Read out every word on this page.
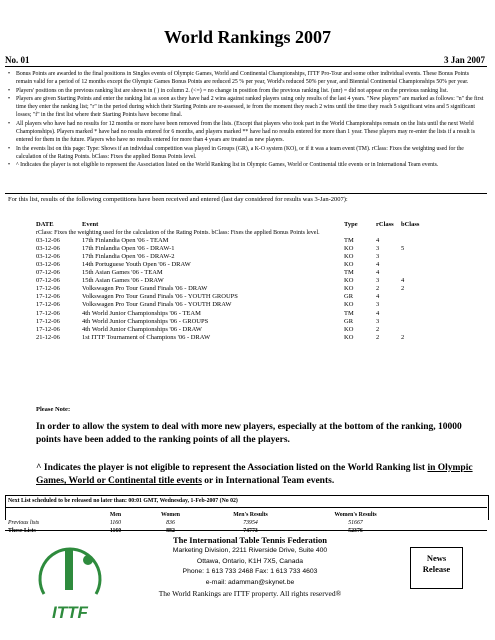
World Rankings 2007
No. 01	3 Jan 2007
• Bonus Points are awarded to the final positions in Singles events of Olympic Games, World and Continental Championships, ITTF Pro-Tour and some other individual events. These Bonus Points remain valid for a period of 12 months except the Olympic Games Bonus Points are reduced 25 % per year, World's reduced 50% per year, and Biennial Continental Championships 50% per year.
• Players' positions on the previous ranking list are shown in ( ) in column 2. (<=) = no change in position from the previous ranking list. (unr) = did not appear on the previous ranking list.
• Players are given Starting Points and enter the ranking list as soon as they have had 2 wins against ranked players using only results of the last 4 years. "New players" are marked as follows: "n" the first time they enter the ranking list; "r" in the period during which their Starting Points are re-assessed, ie from the moment they reach 2 wins until the time they reach 5 significant wins and 5 significant losses; "f" in the first list where their Starting Points have become final.
• All players who have had no results for 12 months or more have been removed from the lists. (Except that players who took part in the World Championships remain on the lists until the next World Championships). Players marked * have had no results entered for 6 months, and players marked ** have had no results entered for more than 1 year. These players may re-enter the lists if a result is entered for them in the future. Players who have no results entered for more than 4 years are treated as new players.
• In the events list on this page: Type: Shows if an individual competition was played in Groups (GR), a K-O system (KO), or if it was a team event (TM). rClass: Fixes the weighting used for the calculation of the Rating Points. bClass: Fixes the applied Bonus Points level.
• ^ Indicates the player is not eligible to represent the Association listed on the World Ranking list in Olympic Games, World or Continental title events or in International Team events.
For this list, results of the following competitions have been received and entered (last day considered for results was 3-Jan-2007):
DATE	Event	Type	rClass	bClass
rClass: Fixes the weighting used for the calculation of the Rating Points. bClass: Fixes the applied Bonus Points level.				
03-12-06	17th Finlandia Open '06 - TEAM	TM	4	
03-12-06	17th Finlandia Open '06 - DRAW-1	KO	3	5
03-12-06	17th Finlandia Open '06 - DRAW-2	KO	3	
03-12-06	14th Portuguese Youth Open '06 - DRAW	KO	4	
07-12-06	15th Asian Games '06 - TEAM	TM	4	
07-12-06	15th Asian Games '06 - DRAW	KO	3	4
17-12-06	Volkswagen Pro Tour Grand Finals '06 - DRAW	KO	2	2
17-12-06	Volkswagen Pro Tour Grand Finals '06 - YOUTH GROUPS	GR	4	
17-12-06	Volkswagen Pro Tour Grand Finals '06 - YOUTH DRAW	KO	3	
17-12-06	4th World Junior Championships '06 - TEAM	TM	4	
17-12-06	4th World Junior Championships '06 - GROUPS	GR	3	
17-12-06	4th World Junior Championships '06 - DRAW	KO	2	
21-12-06	1st ITTF Tournament of Champions '06 - DRAW	KO	2	2
Please Note:
In order to allow the system to deal with more new players, especially at the bottom of the ranking, 10000 points have been added to the ranking points of all the players.
^ Indicates the player is not eligible to represent the Association listed on the World Ranking list in Olympic Games, World or Continental title events or in International Team events.
Next List scheduled to be released no later than: 00:01 GMT, Wednesday, 1-Feb-2007 (No 02)
	Men	Women	Men's Results	Women's Results
Previous lists	1160	836	73954	51667
These Lists	1160	882	74773	52376
ITTF
The International Table Tennis Federation
Marketing Division, 2211 Riverside Drive, Suite 400
Ottawa, Ontario, K1H 7X5, Canada
Phone: 1 613 733 2468 Fax: 1 613 733 4603
e-mail: adamman@skynet.be
The World Rankings are ITTF property. All rights reserved®
News
Release
